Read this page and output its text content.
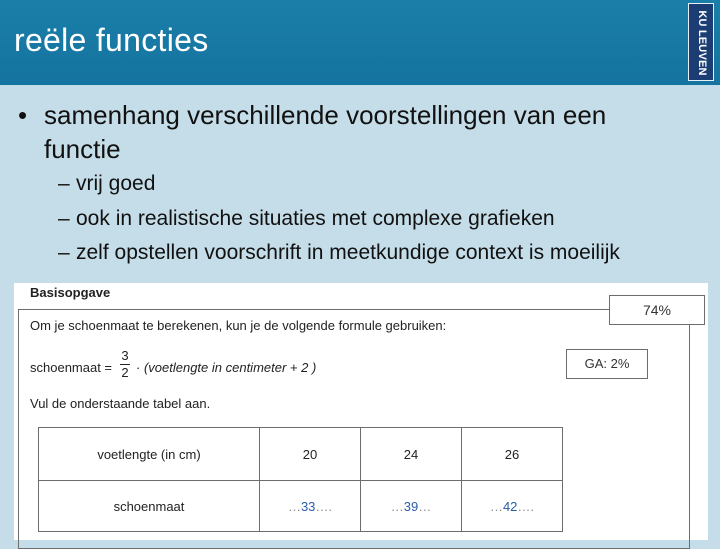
reële functies	KU LEUVEN
• samenhang verschillende voorstellingen van een functie
– vrij goed
– ook in realistische situaties met complexe grafieken
– zelf opstellen voorschrift in meetkundige context is moeilijk
Basisopgave
74%
Om je schoenmaat te berekenen, kun je de volgende formule gebruiken:
schoenmaat =
3
2 · (voetlengte in centimeter + 2 )	GA: 2%
Vul de onderstaande tabel aan.
voetlengte (in cm)	20	24	26
schoenmaat	…33….	…39…	…42….
